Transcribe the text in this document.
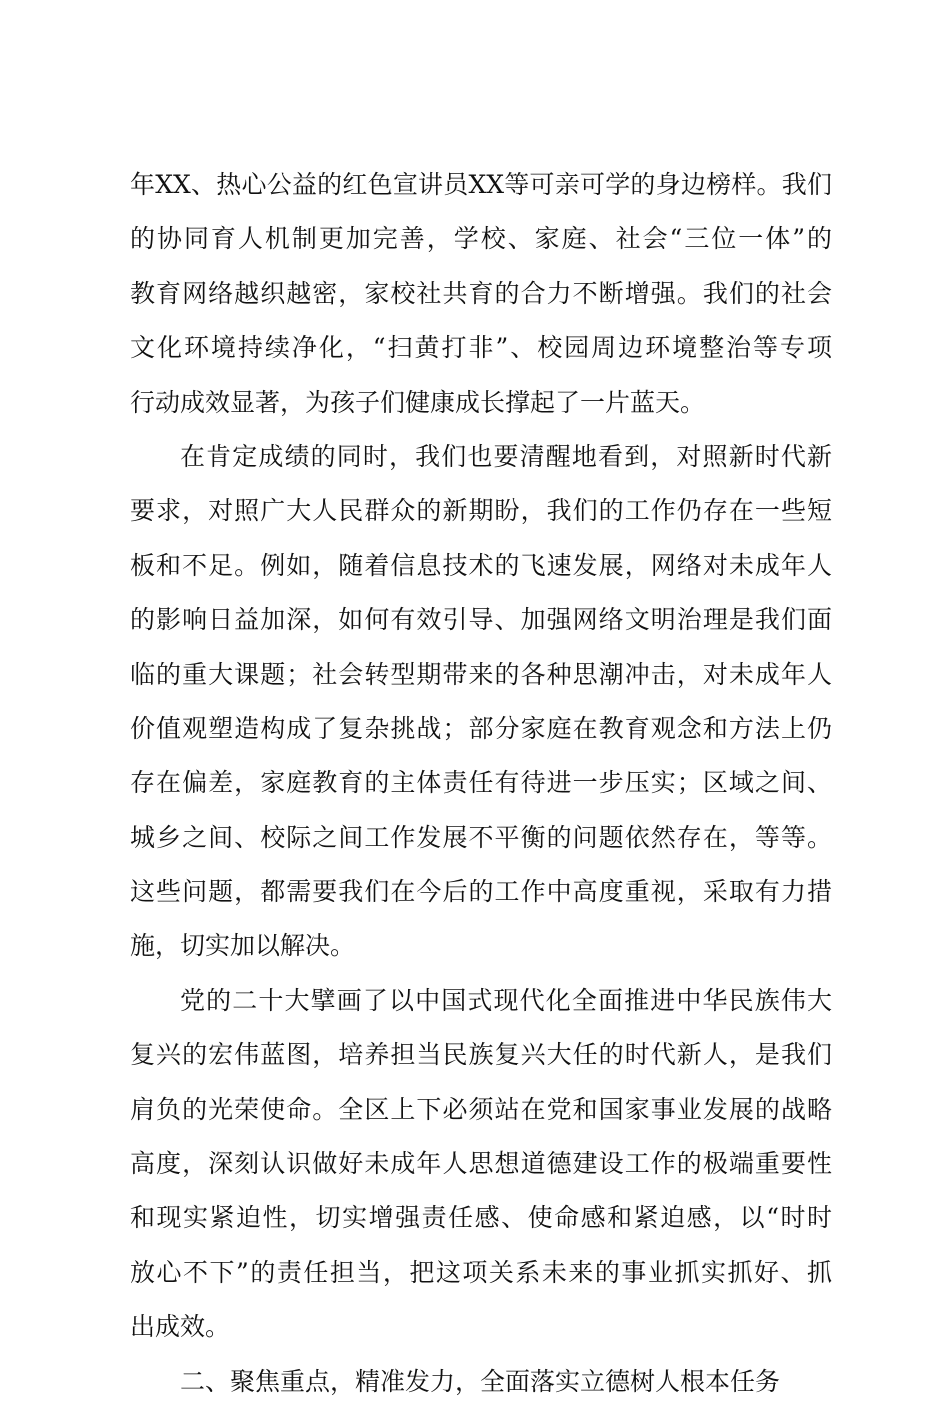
年XX、热心公益的红色宣讲员XX等可亲可学的身边榜样。我们
的协同育人机制更加完善，学校、家庭、社会“三位一体”的
教育网络越织越密，家校社共育的合力不断增强。我们的社会
文化环境持续净化，“扫黄打非”、校园周边环境整治等专项
行动成效显著，为孩子们健康成长撑起了一片蓝天。
在肯定成绩的同时，我们也要清醒地看到，对照新时代新
要求，对照广大人民群众的新期盼，我们的工作仍存在一些短
板和不足。例如，随着信息技术的飞速发展，网络对未成年人
的影响日益加深，如何有效引导、加强网络文明治理是我们面
临的重大课题；社会转型期带来的各种思潮冲击，对未成年人
价值观塑造构成了复杂挑战；部分家庭在教育观念和方法上仍
存在偏差，家庭教育的主体责任有待进一步压实；区域之间、
城乡之间、校际之间工作发展不平衡的问题依然存在，等等。
这些问题，都需要我们在今后的工作中高度重视，采取有力措
施，切实加以解决。
党的二十大擘画了以中国式现代化全面推进中华民族伟大
复兴的宏伟蓝图，培养担当民族复兴大任的时代新人，是我们
肩负的光荣使命。全区上下必须站在党和国家事业发展的战略
高度，深刻认识做好未成年人思想道德建设工作的极端重要性
和现实紧迫性，切实增强责任感、使命感和紧迫感，以“时时
放心不下”的责任担当，把这项关系未来的事业抓实抓好、抓
出成效。
二、聚焦重点，精准发力，全面落实立德树人根本任务
